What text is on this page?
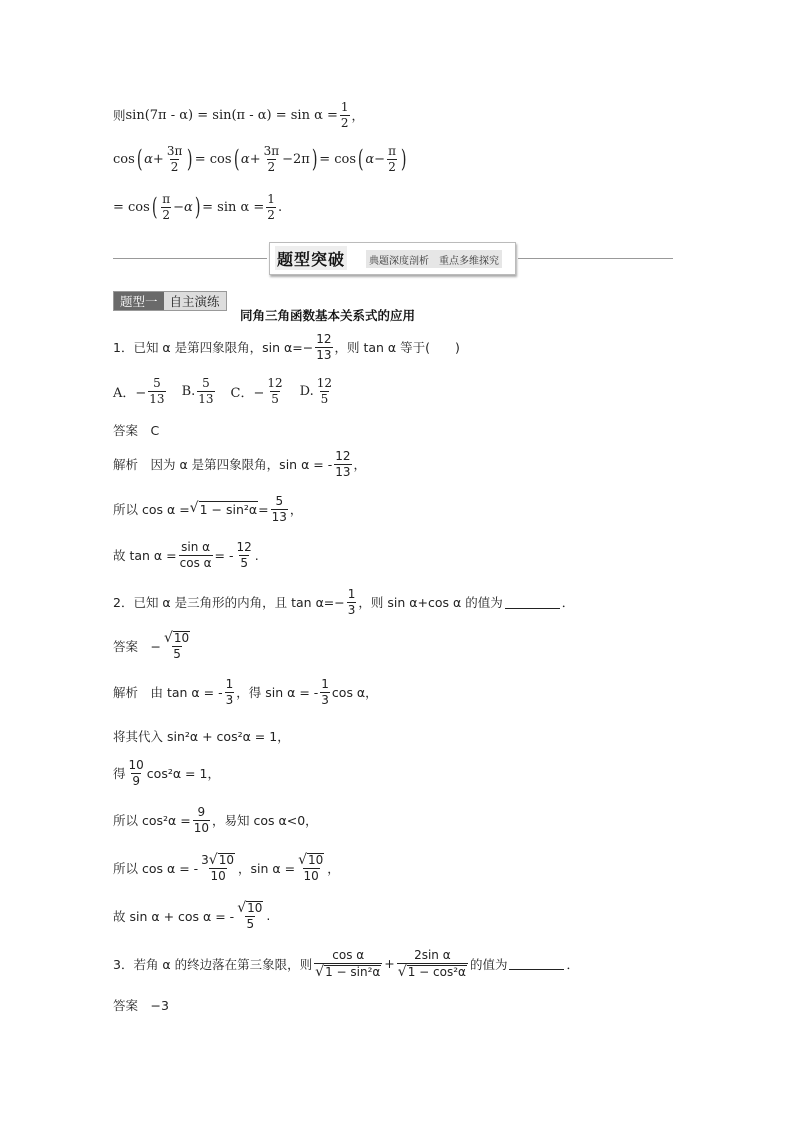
则 $\sin(7\pi - \alpha) = \sin(\pi - \alpha) = \sin \alpha = \frac{1}{2}$ ，
cos ( $\alpha+ \frac{3\pi}{2}$ ) = cos ( $\alpha+ \frac{3\pi}{2} -2\pi$ ) = cos ( $\alpha- \frac{\pi}{2}$ )
= cos ( $\frac{\pi}{2} -\alpha$ ) = $\sin \alpha = \frac{1}{2}$ .
题型突破	典题深度剖析　重点多维探究
题型一 自主演练
同角三角函数基本关系式的应用
1．已知 α 是第四象限角，$\sin \alpha=- \frac{12}{13}$ ，则 tan α 等于(　　)
A．− $\frac{5}{13} B$. $\frac{5}{13}$ C．− $\frac{12}{5} D$. $\frac{12}{5}$
答案　C
解析　因为 α 是第四象限角，sin α = - $\frac{12}{13}$ ，
所以 cos α = √ $1 - \sin^2\alpha = \frac{5}{13}$ ，
故 $\tan \alpha = \frac{\text{sin α}}{\text{cos α}}$ = - $\frac{12}{5}$ .
2．已知 α 是三角形的内角，且 $\tan \alpha=- \frac{1}{3}$ ，则 sin α+cos α 的值为	．
答案　− $\frac{√ 10}{5}$
解析　由 tan α = - $\frac{1}{3}$ ，得 sin α = - $\frac{1}{3}$ cos α，
将其代入 sin²α + cos²α = 1，
得 $\frac{10}{9} \cos^2\alpha = 1$，
所以 $\cos^2\alpha = \frac{9}{10}$ ，易知 cos α<0，
所以 cos α = - $\frac{3 √ 10}{10}$ ，$\sin \alpha = \frac{√ 10}{10}$ ，
故 sin α + cos α = - $\frac{√ 10}{5}$ .
3．若角 α 的终边落在第三象限，则 $\frac{\text{cos α}}{\text{√ 1 − sin²α}} + \frac{\text{2sin α}}{\text{√ 1 − cos²α}}$ 的值为	．
答案　−3
